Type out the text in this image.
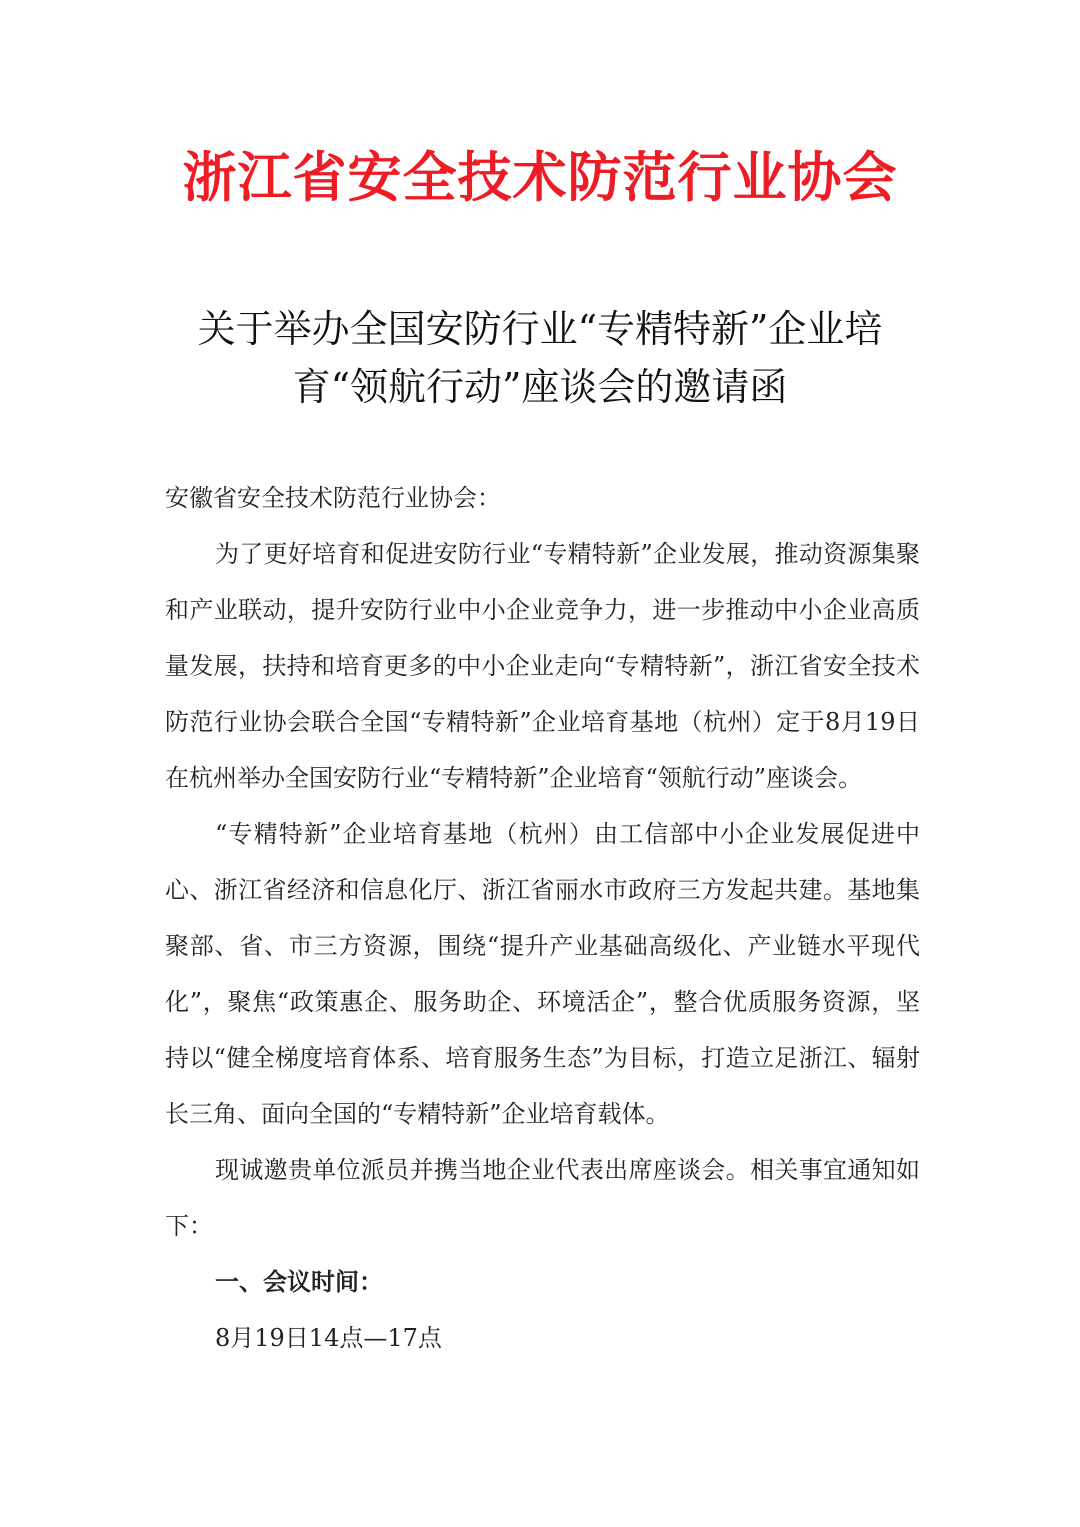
浙江省安全技术防范行业协会
关于举办全国安防行业“专精特新”企业培
育“领航行动”座谈会的邀请函

安徽省安全技术防范行业协会：

为了更好培育和促进安防行业“专精特新”企业发展，推动资源集聚和产业联动，提升安防行业中小企业竞争力，进一步推动中小企业高质量发展，扶持和培育更多的中小企业走向“专精特新”，浙江省安全技术防范行业协会联合全国“专精特新”企业培育基地（杭州）定于8月19日在杭州举办全国安防行业“专精特新”企业培育“领航行动”座谈会。

“专精特新”企业培育基地（杭州）由工信部中小企业发展促进中心、浙江省经济和信息化厅、浙江省丽水市政府三方发起共建。基地集聚部、省、市三方资源，围绕“提升产业基础高级化、产业链水平现代化”，聚焦“政策惠企、服务助企、环境活企”，整合优质服务资源，坚持以“健全梯度培育体系、培育服务生态”为目标，打造立足浙江、辐射长三角、面向全国的“专精特新”企业培育载体。

现诚邀贵单位派员并携当地企业代表出席座谈会。相关事宜通知如下：

一、会议时间：

8月19日14点—17点
